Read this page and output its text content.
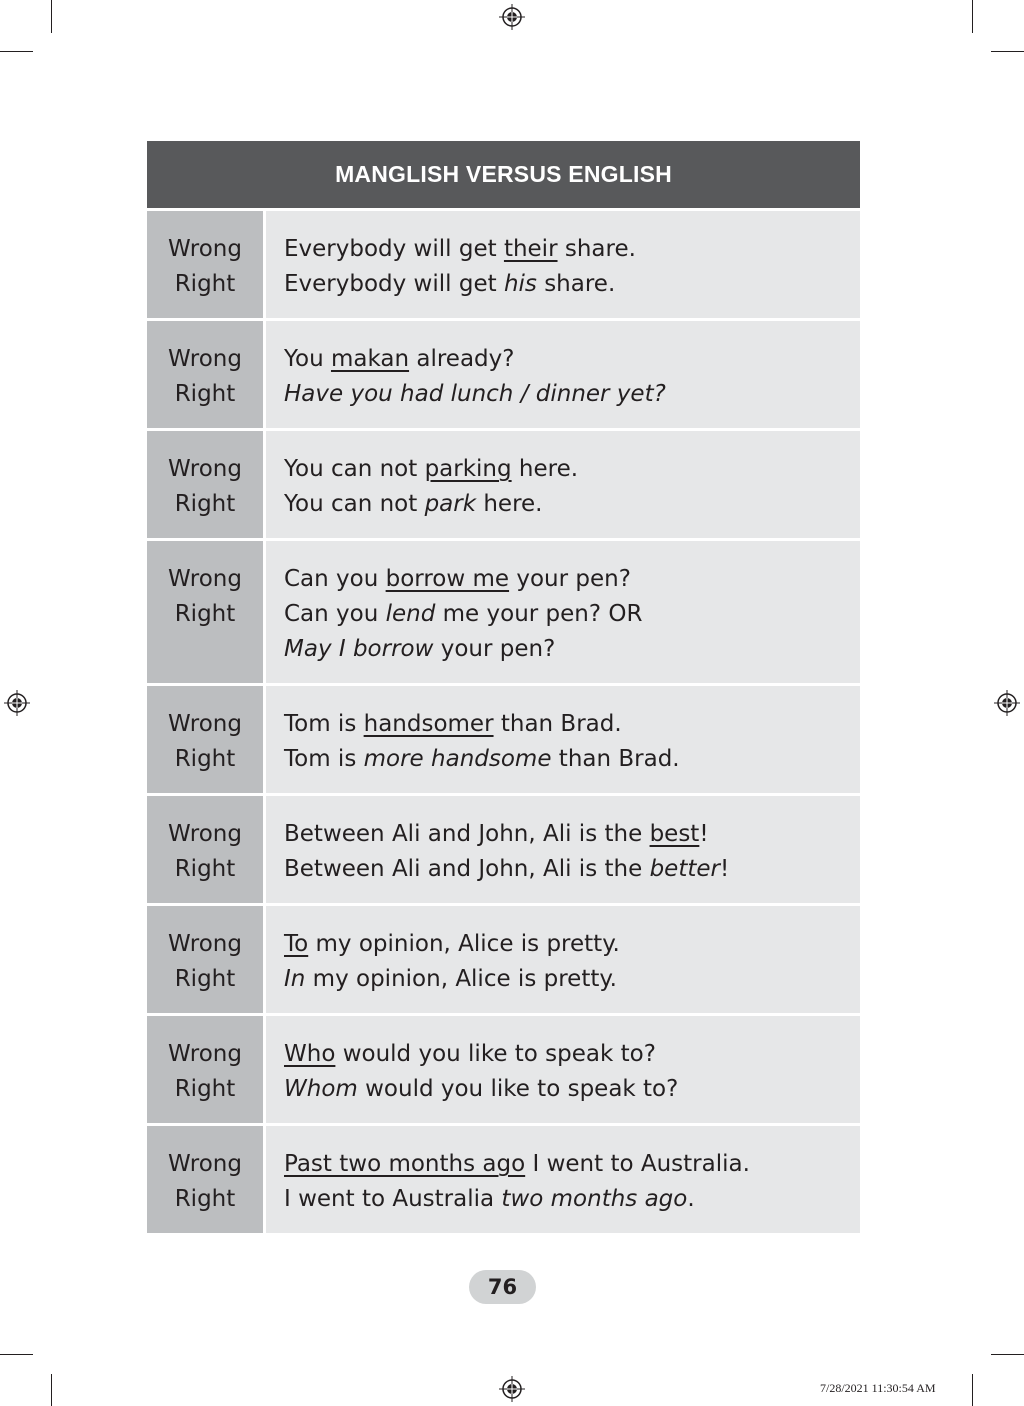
MANGLISH VERSUS ENGLISH
Wrong
Right
Everybody will get their share.
Everybody will get his share.
Wrong
Right
You makan already?
Have you had lunch / dinner yet?
Wrong
Right
You can not parking here.
You can not park here.
Wrong
Right
Can you borrow me your pen?
Can you lend me your pen? OR
May I borrow your pen?
Wrong
Right
Tom is handsomer than Brad.
Tom is more handsome than Brad.
Wrong
Right
Between Ali and John, Ali is the best!
Between Ali and John, Ali is the better!
Wrong
Right
To my opinion, Alice is pretty.
In my opinion, Alice is pretty.
Wrong
Right
Who would you like to speak to?
Whom would you like to speak to?
Wrong
Right
Past two months ago I went to Australia.
I went to Australia two months ago.
76
7/28/2021 11:30:54 AM
